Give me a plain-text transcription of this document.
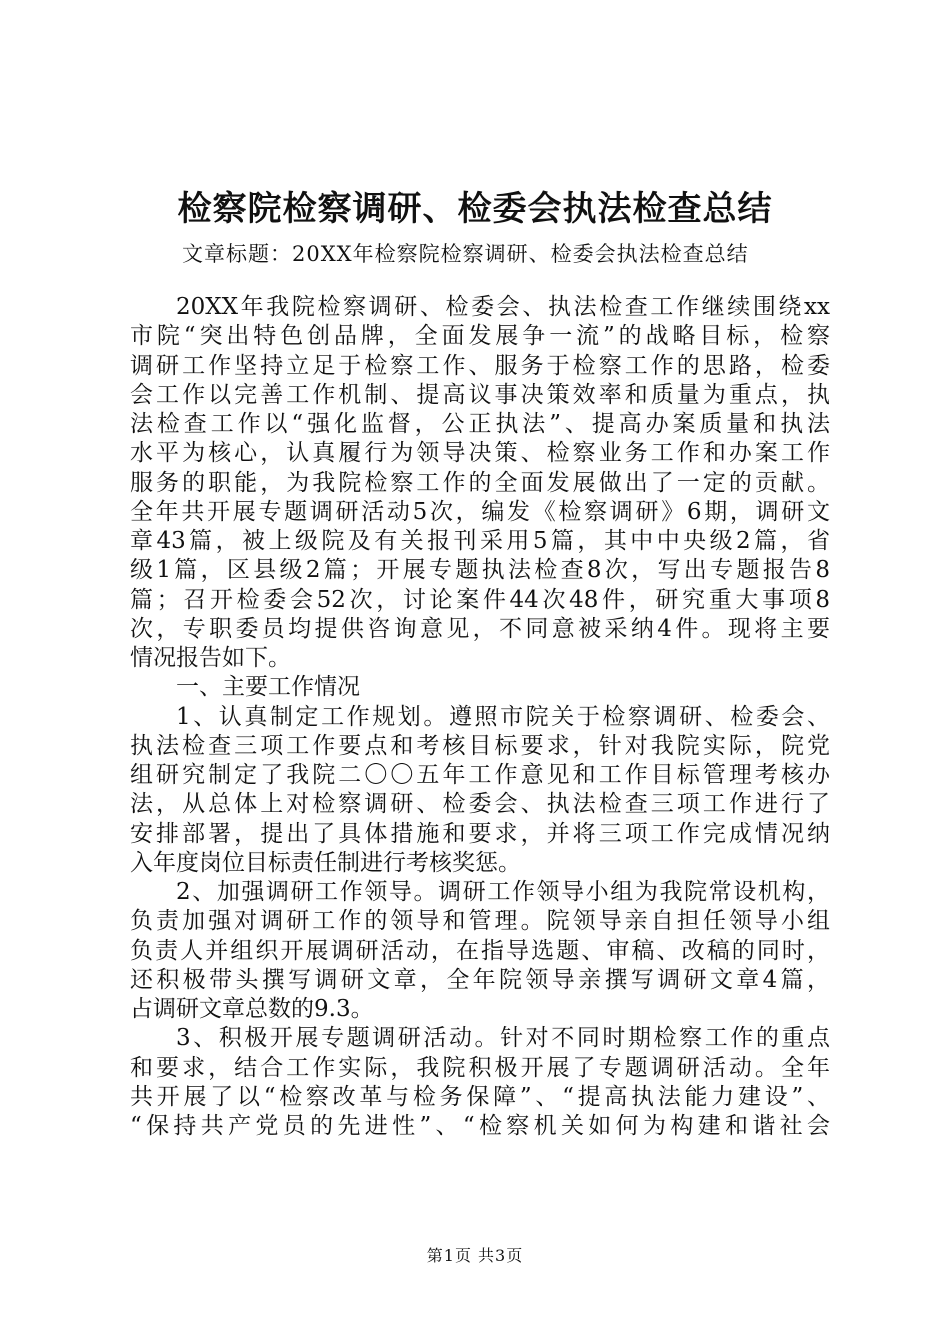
检察院检察调研、检委会执法检查总结
文章标题：20XX年检察院检察调研、检委会执法检查总结
20XX年我院检察调研、检委会、执法检查工作继续围绕xx
市院“突出特色创品牌，全面发展争一流”的战略目标，检察
调研工作坚持立足于检察工作、服务于检察工作的思路，检委
会工作以完善工作机制、提高议事决策效率和质量为重点，执
法检查工作以“强化监督，公正执法”、提高办案质量和执法
水平为核心，认真履行为领导决策、检察业务工作和办案工作
服务的职能，为我院检察工作的全面发展做出了一定的贡献。
全年共开展专题调研活动5次，编发《检察调研》6期，调研文
章43篇，被上级院及有关报刊采用5篇，其中中央级2篇，省
级1篇，区县级2篇；开展专题执法检查8次，写出专题报告8
篇；召开检委会52次，讨论案件44次48件，研究重大事项8
次，专职委员均提供咨询意见，不同意被采纳4件。现将主要
情况报告如下。
一、主要工作情况
1、认真制定工作规划。遵照市院关于检察调研、检委会、
执法检查三项工作要点和考核目标要求，针对我院实际，院党
组研究制定了我院二〇〇五年工作意见和工作目标管理考核办
法，从总体上对检察调研、检委会、执法检查三项工作进行了
安排部署，提出了具体措施和要求，并将三项工作完成情况纳
入年度岗位目标责任制进行考核奖惩。
2、加强调研工作领导。调研工作领导小组为我院常设机构，
负责加强对调研工作的领导和管理。院领导亲自担任领导小组
负责人并组织开展调研活动，在指导选题、审稿、改稿的同时，
还积极带头撰写调研文章，全年院领导亲撰写调研文章4篇，
占调研文章总数的9.3。
3、积极开展专题调研活动。针对不同时期检察工作的重点
和要求，结合工作实际，我院积极开展了专题调研活动。全年
共开展了以“检察改革与检务保障”、“提高执法能力建设”、
“保持共产党员的先进性”、“检察机关如何为构建和谐社会
第1页 共3页
